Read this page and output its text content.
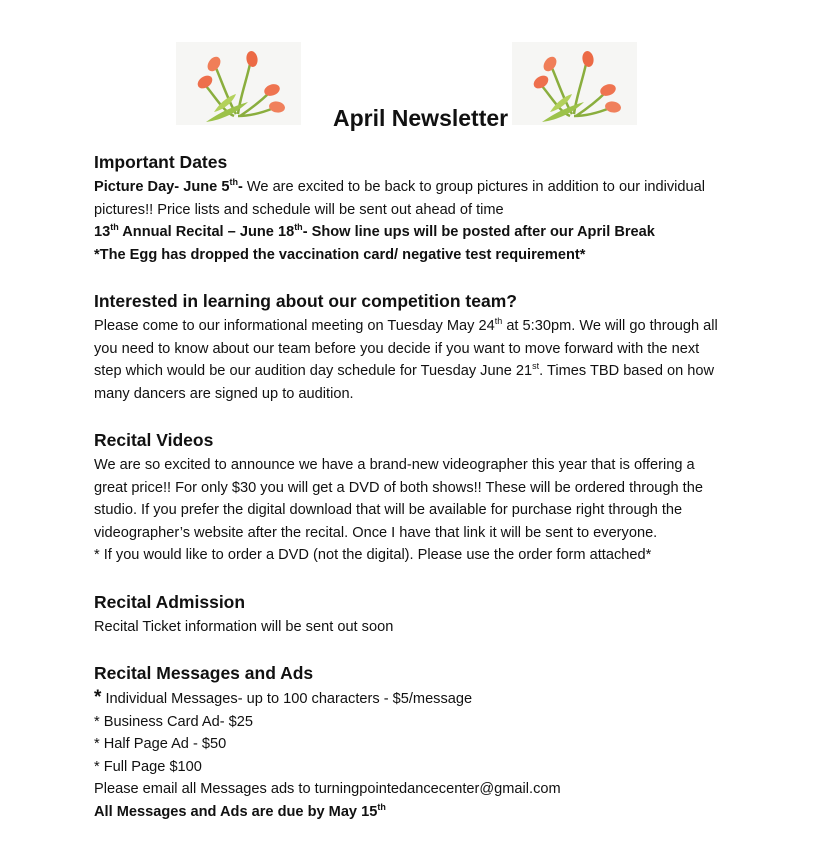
April Newsletter

Important Dates

Picture Day- June 5th- We are excited to be back to group pictures in addition to our individual pictures!! Price lists and schedule will be sent out ahead of time

13th Annual Recital – June 18th- Show line ups will be posted after our April Break

*The Egg has dropped the vaccination card/ negative test requirement*

Interested in learning about our competition team?

Please come to our informational meeting on Tuesday May 24th at 5:30pm. We will go through all you need to know about our team before you decide if you want to move forward with the next step which would be our audition day schedule for Tuesday June 21st. Times TBD based on how many dancers are signed up to audition.

Recital Videos

We are so excited to announce we have a brand-new videographer this year that is offering a great price!! For only $30 you will get a DVD of both shows!! These will be ordered through the studio. If you prefer the digital download that will be available for purchase right through the videographer’s website after the recital. Once I have that link it will be sent to everyone.

* If you would like to order a DVD (not the digital). Please use the order form attached*

Recital Admission

Recital Ticket information will be sent out soon

Recital Messages and Ads

* Individual Messages- up to 100 characters - $5/message

* Business Card Ad- $25

* Half Page Ad - $50

* Full Page $100

Please email all Messages ads to turningpointedancecenter@gmail.com

All Messages and Ads are due by May 15th
